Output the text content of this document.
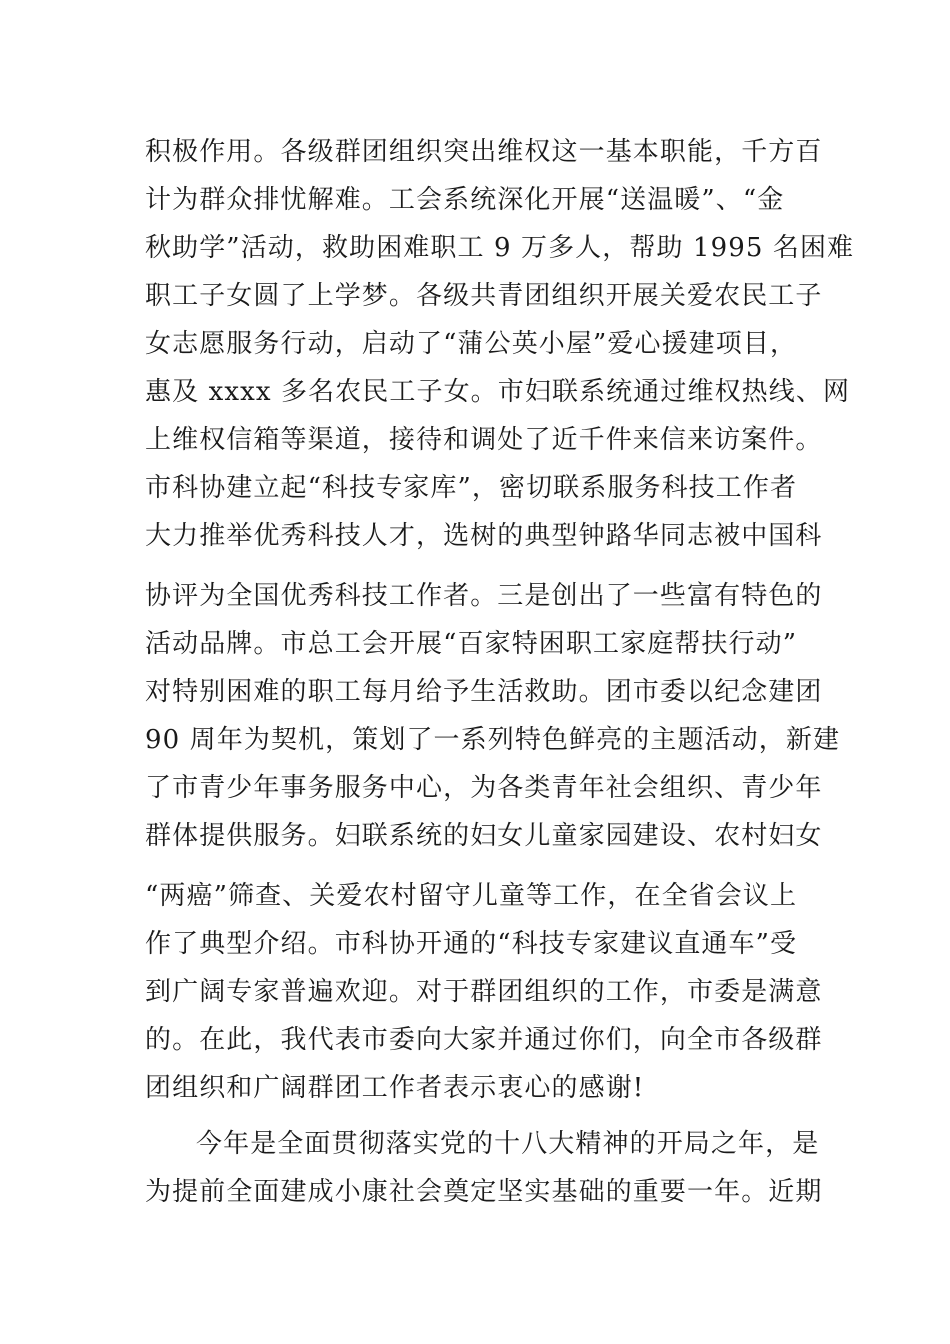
积极作用。各级群团组织突出维权这一基本职能，千方百
计为群众排忧解难。工会系统深化开展“送温暖”、“金
秋助学”活动，救助困难职工 9 万多人，帮助 1995 名困难
职工子女圆了上学梦。各级共青团组织开展关爱农民工子
女志愿服务行动，启动了“蒲公英小屋”爱心援建项目，
惠及 xxxx 多名农民工子女。市妇联系统通过维权热线、网
上维权信箱等渠道，接待和调处了近千件来信来访案件。
市科协建立起“科技专家库”，密切联系服务科技工作者
大力推举优秀科技人才，选树的典型钟路华同志被中国科
协评为全国优秀科技工作者。三是创出了一些富有特色的
活动品牌。市总工会开展“百家特困职工家庭帮扶行动”
对特别困难的职工每月给予生活救助。团市委以纪念建团
90 周年为契机，策划了一系列特色鲜亮的主题活动，新建
了市青少年事务服务中心，为各类青年社会组织、青少年
群体提供服务。妇联系统的妇女儿童家园建设、农村妇女
“两癌”筛查、关爱农村留守儿童等工作，在全省会议上
作了典型介绍。市科协开通的“科技专家建议直通车”受
到广阔专家普遍欢迎。对于群团组织的工作，市委是满意
的。在此，我代表市委向大家并通过你们，向全市各级群
团组织和广阔群团工作者表示衷心的感谢!
今年是全面贯彻落实党的十八大精神的开局之年，是
为提前全面建成小康社会奠定坚实基础的重要一年。近期
